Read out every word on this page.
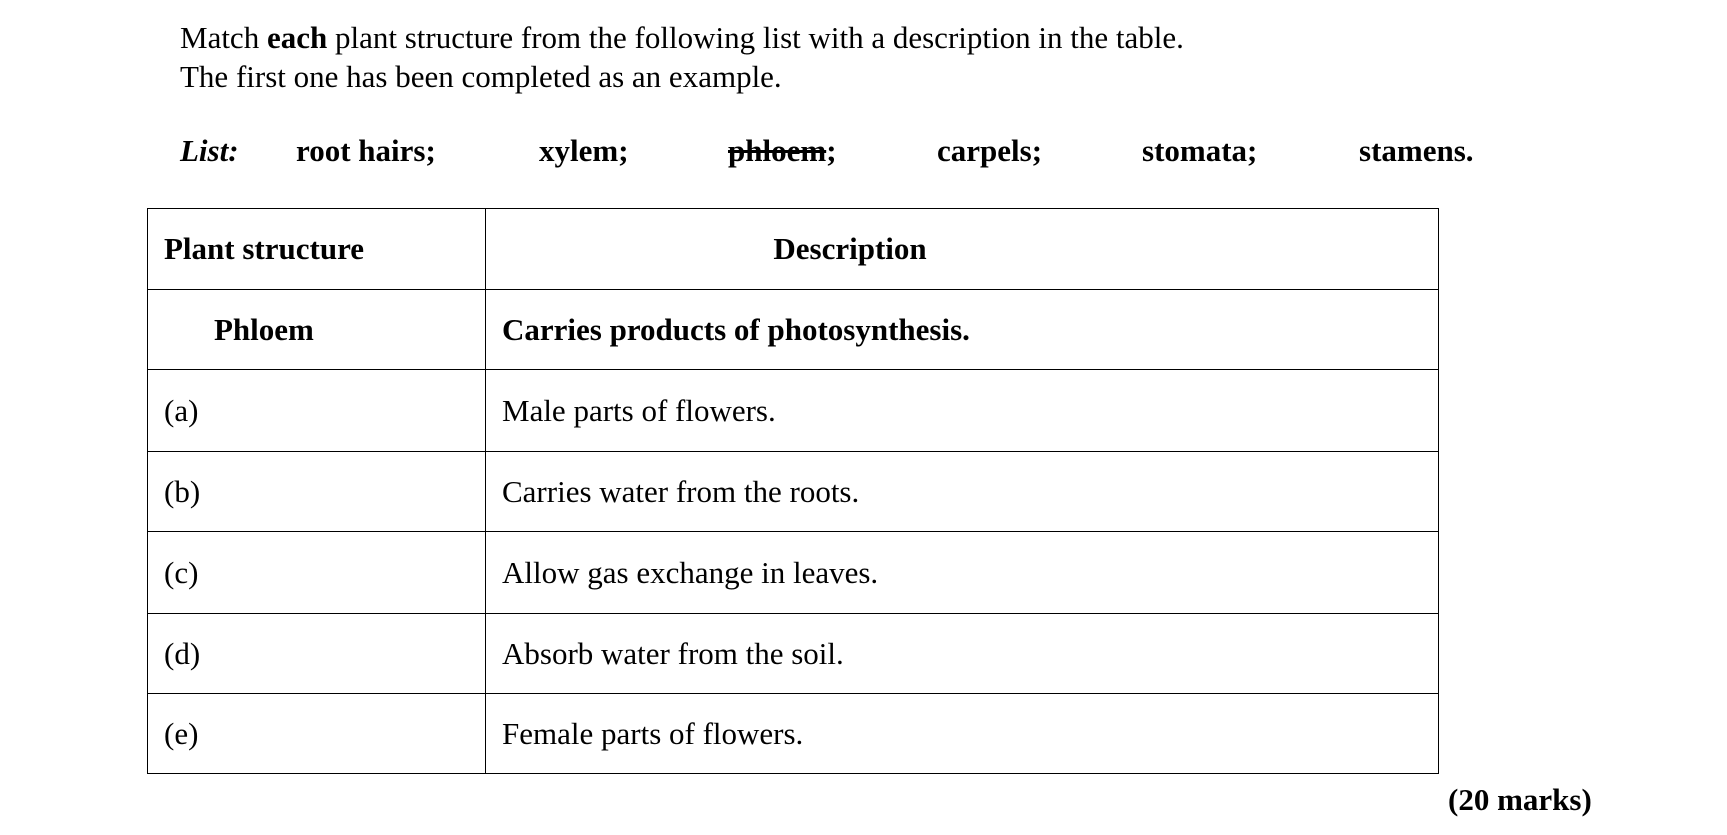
Match each plant structure from the following list with a description in the table.
The first one has been completed as an example.
List: root hairs;	xylem;	phloem;	carpels;	stomata;	stamens.
Plant structure	Description
Phloem	Carries products of photosynthesis.
(a)	Male parts of flowers.
(b)	Carries water from the roots.
(c)	Allow gas exchange in leaves.
(d)	Absorb water from the soil.
(e)	Female parts of flowers.
(20 marks)
